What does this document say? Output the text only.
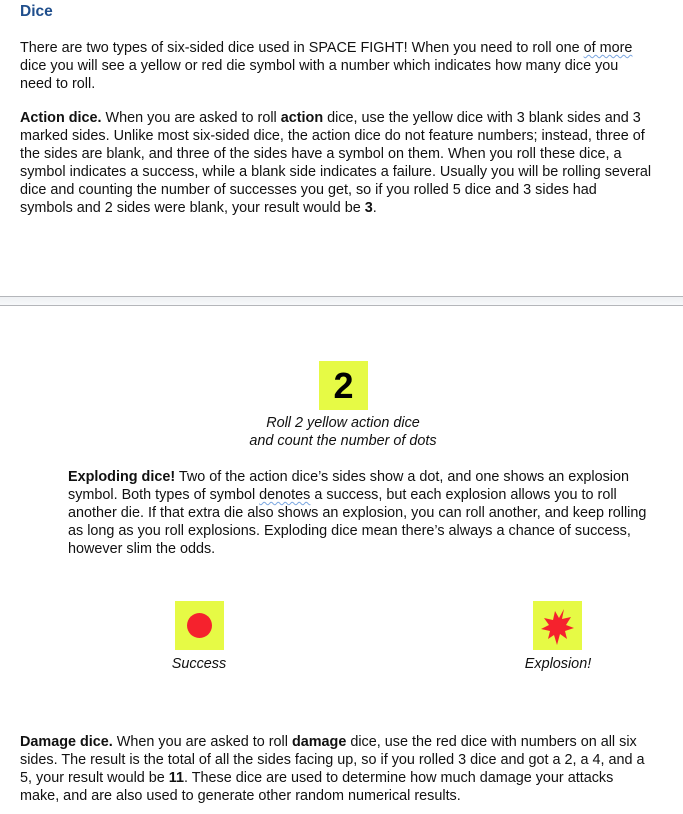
Dice
There are two types of six-sided dice used in SPACE FIGHT! When you need to roll one of more
dice you will see a yellow or red die symbol with a number which indicates how many dice you
need to roll.
Action dice. When you are asked to roll action dice, use the yellow dice with 3 blank sides and 3
marked sides. Unlike most six-sided dice, the action dice do not feature numbers; instead, three of
the sides are blank, and three of the sides have a symbol on them. When you roll these dice, a
symbol indicates a success, while a blank side indicates a failure. Usually you will be rolling several
dice and counting the number of successes you get, so if you rolled 5 dice and 3 sides had
symbols and 2 sides were blank, your result would be 3.
2
Roll 2 yellow action dice
and count the number of dots
Exploding dice! Two of the action dice’s sides show a dot, and one shows an explosion
symbol. Both types of symbol denotes a success, but each explosion allows you to roll
another die. If that extra die also shows an explosion, you can roll another, and keep rolling
as long as you roll explosions. Exploding dice mean there’s always a chance of success,
however slim the odds.
Success	Explosion!
Damage dice. When you are asked to roll damage dice, use the red dice with numbers on all six
sides. The result is the total of all the sides facing up, so if you rolled 3 dice and got a 2, a 4, and a
5, your result would be 11. These dice are used to determine how much damage your attacks
make, and are also used to generate other random numerical results.
